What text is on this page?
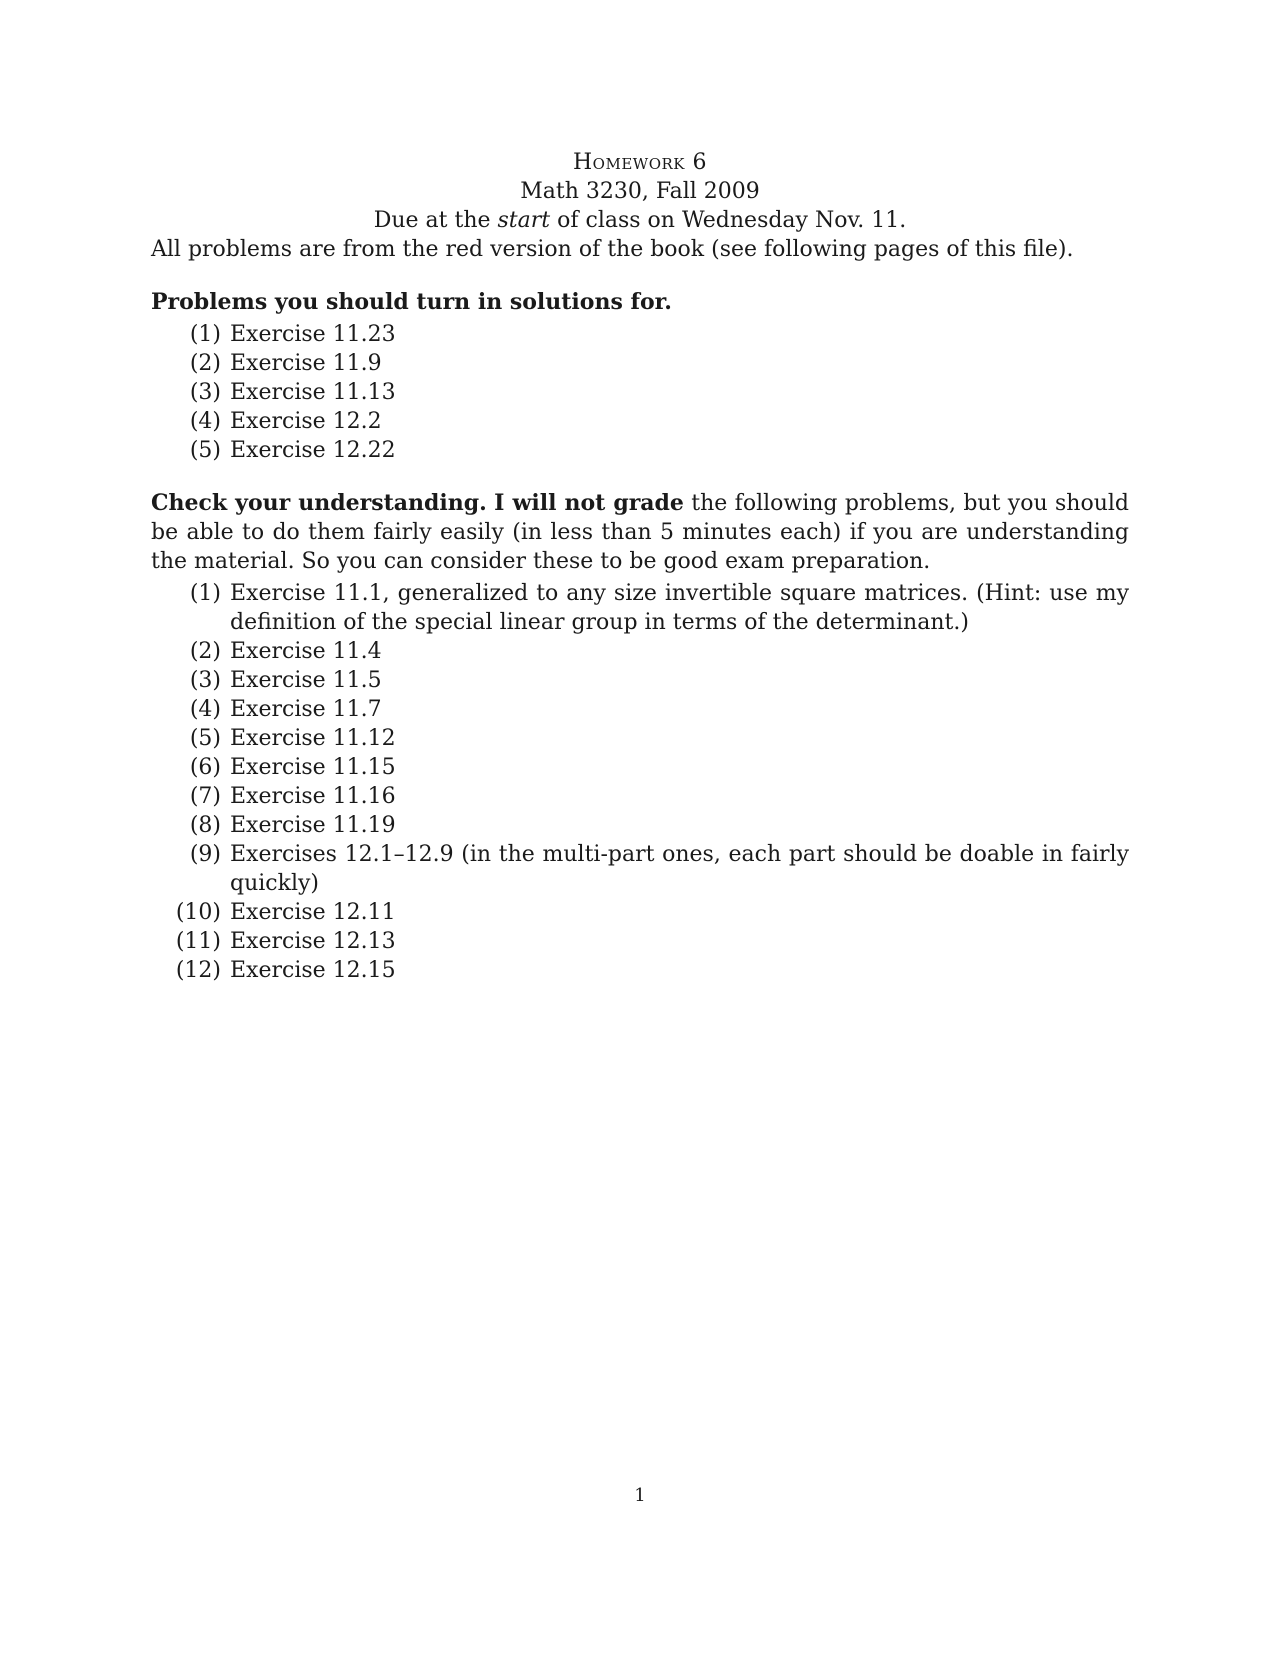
Homework 6
Math 3230, Fall 2009
Due at the start of class on Wednesday Nov. 11.
All problems are from the red version of the book (see following pages of this file).
Problems you should turn in solutions for.
(1) Exercise 11.23
(2) Exercise 11.9
(3) Exercise 11.13
(4) Exercise 12.2
(5) Exercise 12.22
Check your understanding. I will not grade the following problems, but you should be able to do them fairly easily (in less than 5 minutes each) if you are understanding the material. So you can consider these to be good exam preparation.
(1) Exercise 11.1, generalized to any size invertible square matrices. (Hint: use my definition of the special linear group in terms of the determinant.)
(2) Exercise 11.4
(3) Exercise 11.5
(4) Exercise 11.7
(5) Exercise 11.12
(6) Exercise 11.15
(7) Exercise 11.16
(8) Exercise 11.19
(9) Exercises 12.1–12.9 (in the multi-part ones, each part should be doable in fairly quickly)
(10) Exercise 12.11
(11) Exercise 12.13
(12) Exercise 12.15
1
